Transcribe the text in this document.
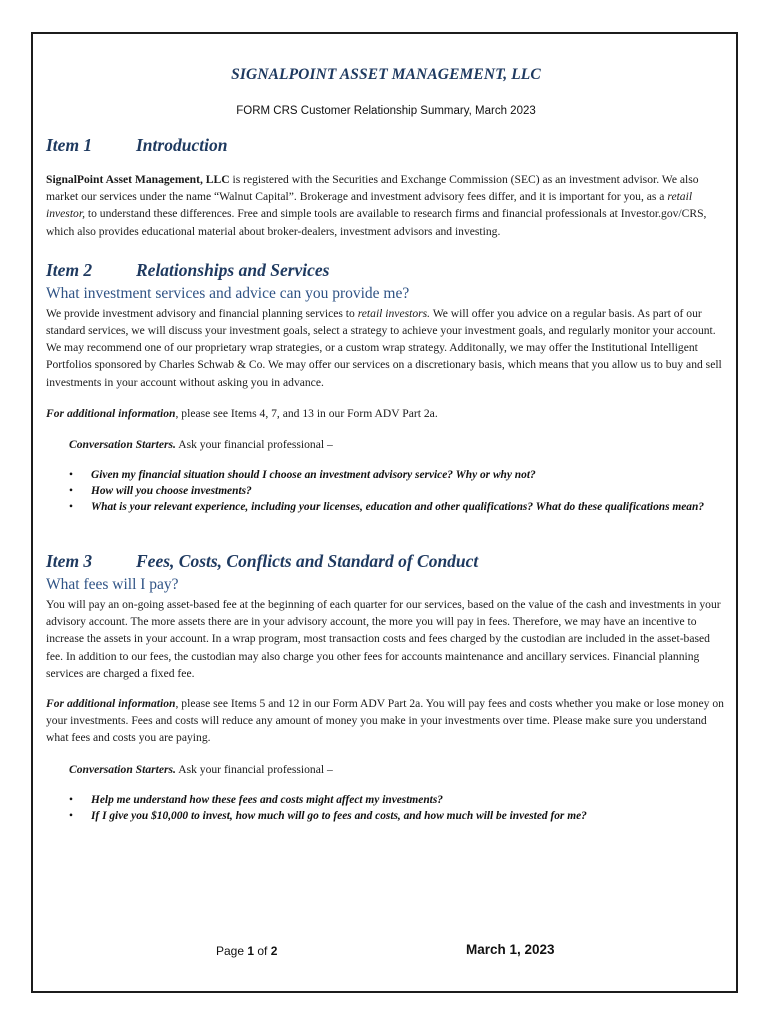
SIGNALPOINT ASSET MANAGEMENT, LLC
FORM CRS Customer Relationship Summary, March 2023
Item 1	Introduction

SignalPoint Asset Management, LLC is registered with the Securities and Exchange Commission (SEC) as an investment advisor. We also market our services under the name “Walnut Capital”. Brokerage and investment advisory fees differ, and it is important for you, as a retail investor, to understand these differences. Free and simple tools are available to research firms and financial professionals at Investor.gov/CRS, which also provides educational material about broker-dealers, investment advisors and investing.

Item 2	Relationships and Services
What investment services and advice can you provide me?

We provide investment advisory and financial planning services to retail investors. We will offer you advice on a regular basis. As part of our standard services, we will discuss your investment goals, select a strategy to achieve your investment goals, and regularly monitor your account. We may recommend one of our proprietary wrap strategies, or a custom wrap strategy. Additonally, we may offer the Institutional Intelligent Portfolios sponsored by Charles Schwab & Co. We may offer our services on a discretionary basis, which means that you allow us to buy and sell investments in your account without asking you in advance.

For additional information, please see Items 4, 7, and 13 in our Form ADV Part 2a.

Conversation Starters. Ask your financial professional –

• Given my financial situation should I choose an investment advisory service? Why or why not?
• How will you choose investments?
• What is your relevant experience, including your licenses, education and other qualifications? What do these qualifications mean?
Item 3	Fees, Costs, Conflicts and Standard of Conduct
What fees will I pay?

You will pay an on-going asset-based fee at the beginning of each quarter for our services, based on the value of the cash and investments in your advisory account. The more assets there are in your advisory account, the more you will pay in fees. Therefore, we may have an incentive to increase the assets in your account. In a wrap program, most transaction costs and fees charged by the custodian are included in the asset-based fee. In addition to our fees, the custodian may also charge you other fees for accounts maintenance and ancillary services. Financial planning services are charged a fixed fee.

For additional information, please see Items 5 and 12 in our Form ADV Part 2a. You will pay fees and costs whether you make or lose money on your investments. Fees and costs will reduce any amount of money you make in your investments over time. Please make sure you understand what fees and costs you are paying.

Conversation Starters. Ask your financial professional –

• Help me understand how these fees and costs might affect my investments?
• If I give you $10,000 to invest, how much will go to fees and costs, and how much will be invested for me?
Page 1 of 2	March 1, 2023
